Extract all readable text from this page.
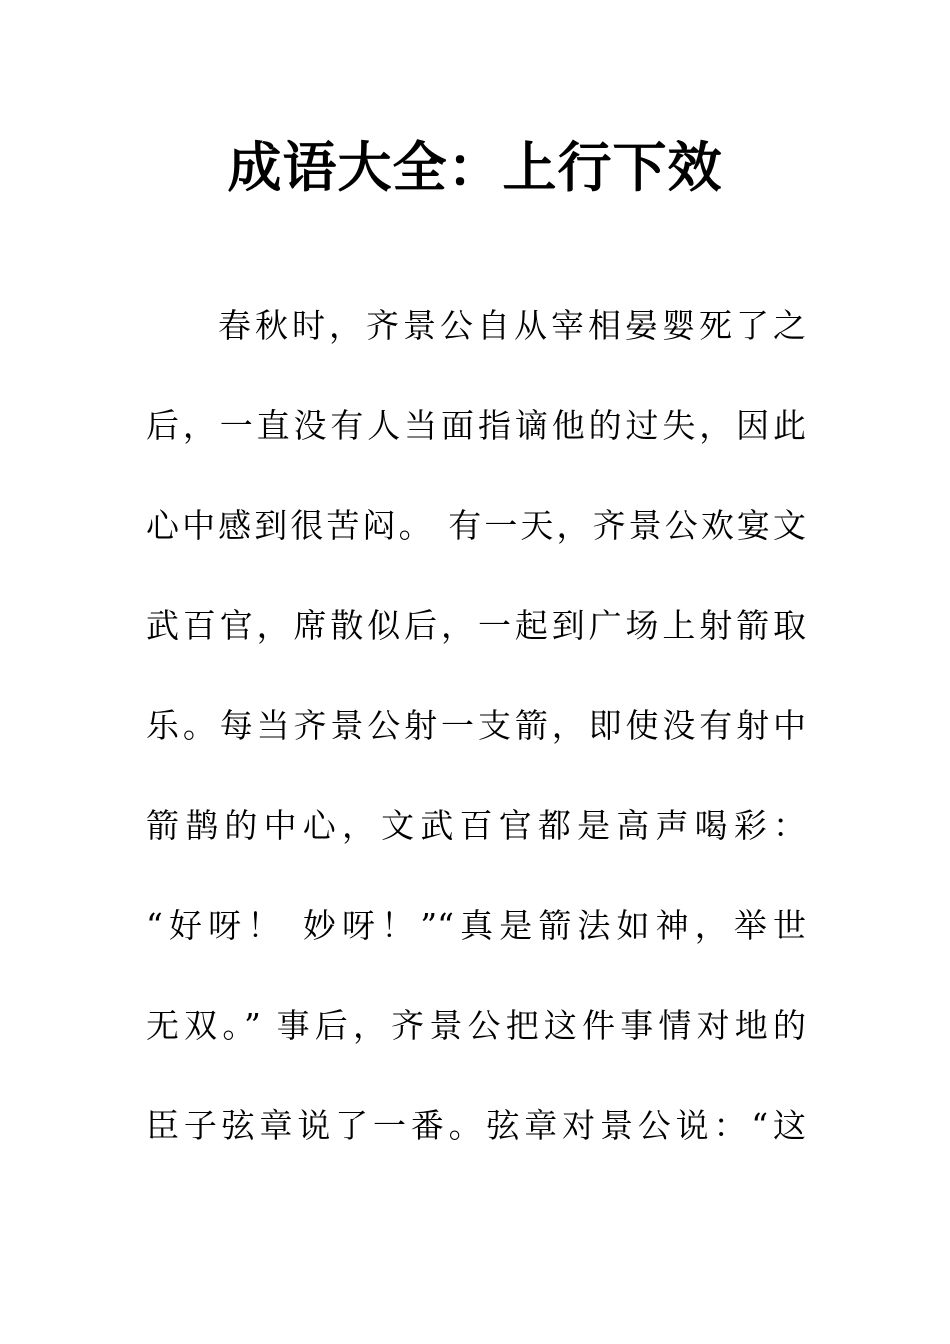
成语大全：上行下效
春秋时，齐景公自从宰相晏婴死了之
后，一直没有人当面指谪他的过失，因此
心中感到很苦闷。 有一天，齐景公欢宴文
武百官，席散似后，一起到广场上射箭取
乐。每当齐景公射一支箭，即使没有射中
箭鹊的中心，文武百官都是高声喝彩：
“好呀！ 妙呀！”“真是箭法如神，举世
无双。” 事后，齐景公把这件事情对地的
臣子弦章说了一番。弦章对景公说：“这
